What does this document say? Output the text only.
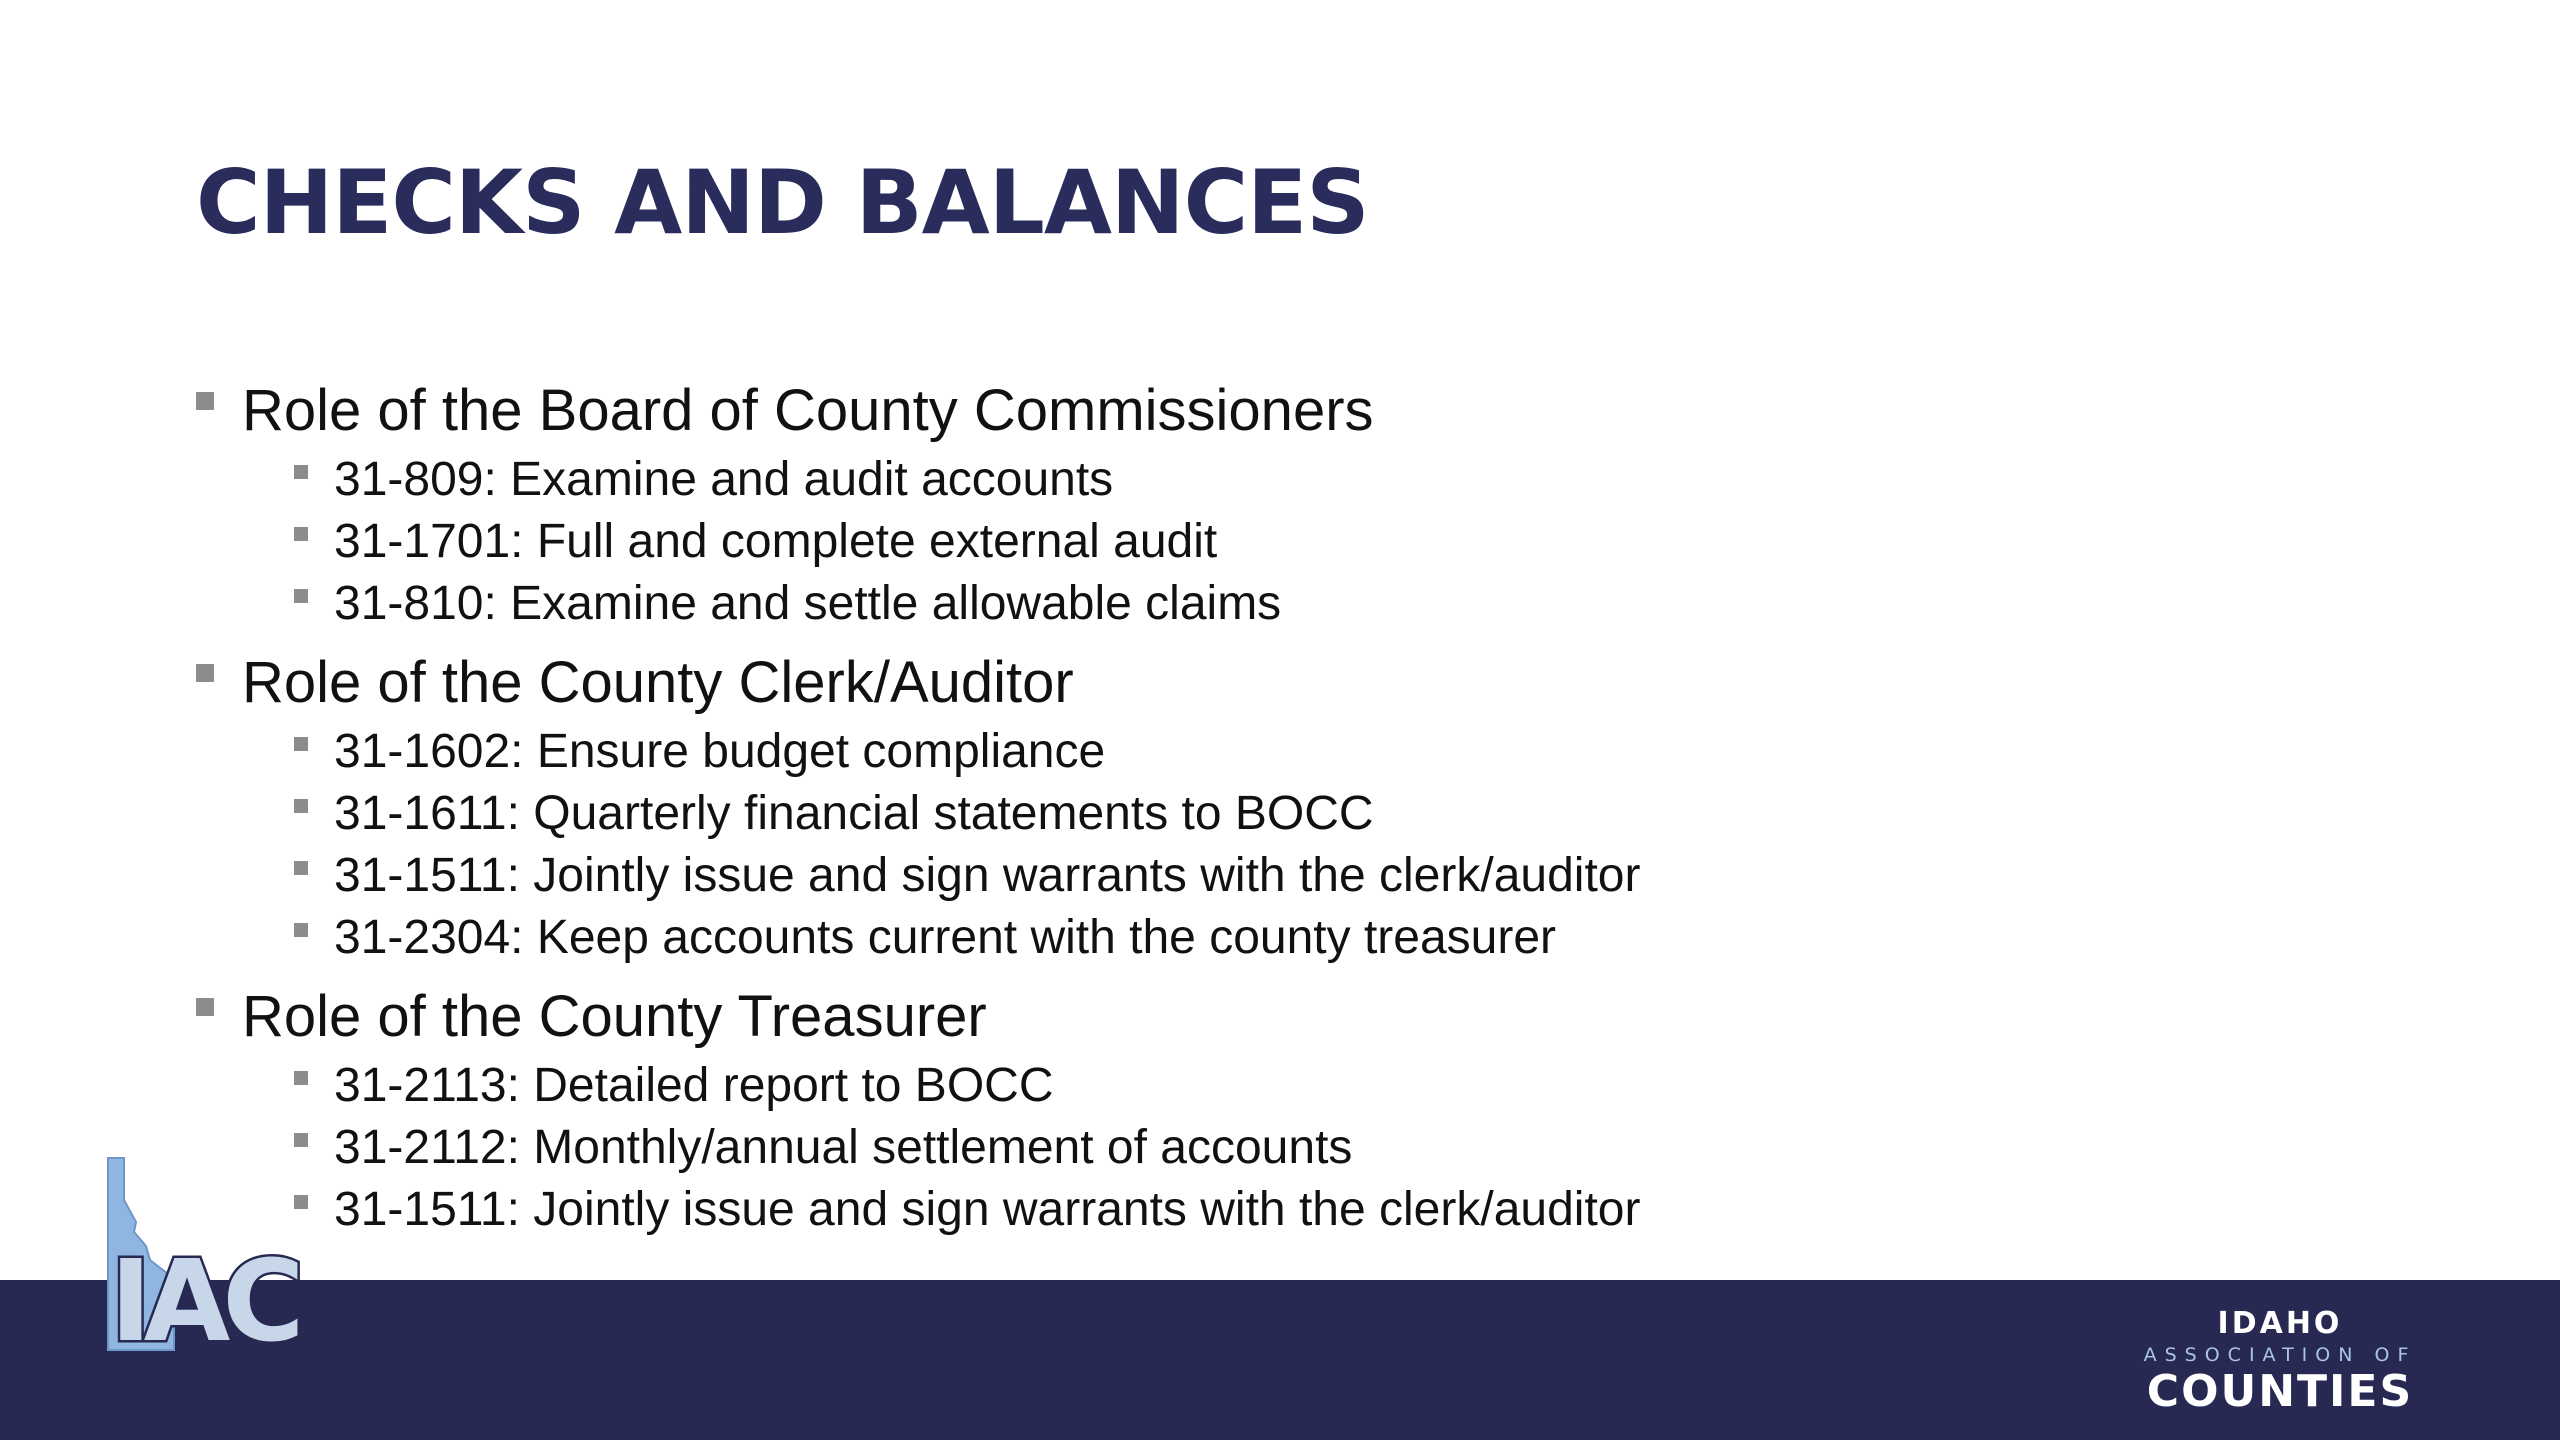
CHECKS AND BALANCES
Role of the Board of County Commissioners
31-809: Examine and audit accounts
31-1701: Full and complete external audit
31-810: Examine and settle allowable claims
Role of the County Clerk/Auditor
31-1602: Ensure budget compliance
31-1611: Quarterly financial statements to BOCC
31-1511: Jointly issue and sign warrants with the clerk/auditor
31-2304: Keep accounts current with the county treasurer
Role of the County Treasurer
31-2113: Detailed report to BOCC
31-2112: Monthly/annual settlement of accounts
31-1511: Jointly issue and sign warrants with the clerk/auditor
IAC	IDAHO
ASSOCIATION OF
COUNTIES
